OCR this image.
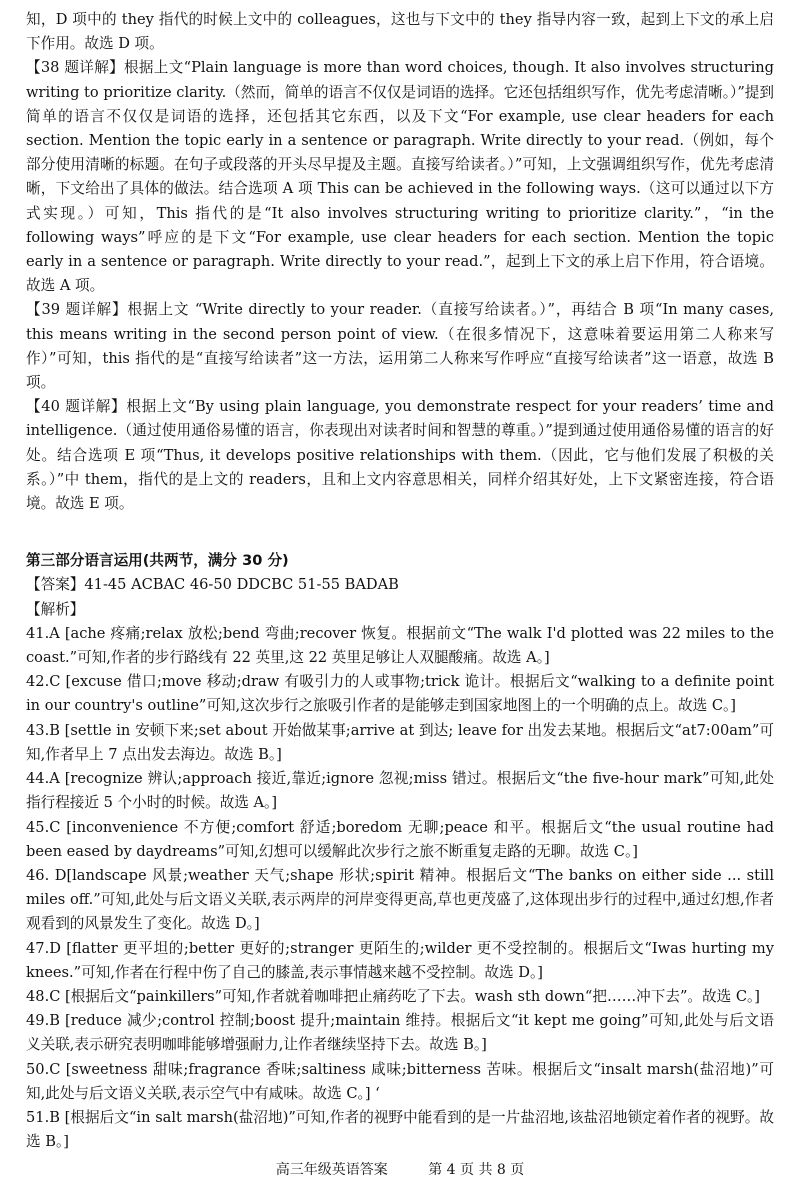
知，D 项中的 they 指代的时候上文中的 colleagues，这也与下文中的 they 指导内容一致，起到上下文的承上启下作用。故选 D 项。

【38 题详解】根据上文“Plain language is more than word choices, though. It also involves structuring writing to prioritize clarity.（然而，简单的语言不仅仅是词语的选择。它还包括组织写作，优先考虑清晰。）”提到简单的语言不仅仅是词语的选择，还包括其它东西，以及下文“For example, use clear headers for each section. Mention the topic early in a sentence or paragraph. Write directly to your read.（例如，每个部分使用清晰的标题。在句子或段落的开头尽早提及主题。直接写给读者。）”可知，上文强调组织写作，优先考虑清晰，下文给出了具体的做法。结合选项 A 项 This can be achieved in the following ways.（这可以通过以下方式实现。）可知，This 指代的是“It also involves structuring writing to prioritize clarity.”，“in the following ways”呼应的是下文“For example, use clear headers for each section. Mention the topic early in a sentence or paragraph. Write directly to your read.”，起到上下文的承上启下作用，符合语境。故选 A 项。

【39 题详解】根据上文 “Write directly to your reader.（直接写给读者。）”，再结合 B 项“In many cases, this means writing in the second person point of view.（在很多情况下，这意味着要运用第二人称来写作）”可知，this 指代的是“直接写给读者”这一方法，运用第二人称来写作呼应“直接写给读者”这一语意，故选 B 项。

【40 题详解】根据上文“By using plain language, you demonstrate respect for your readers’ time and intelligence.（通过使用通俗易懂的语言，你表现出对读者时间和智慧的尊重。）”提到通过使用通俗易懂的语言的好处。结合选项 E 项“Thus, it develops positive relationships with them.（因此，它与他们发展了积极的关系。）”中 them，指代的是上文的 readers，且和上文内容意思相关，同样介绍其好处，上下文紧密连接，符合语境。故选 E 项。

第三部分语言运用(共两节，满分 30 分)

【答案】41-45 ACBAC 46-50 DDCBC 51-55 BADAB

【解析】

41.A [ache 疼痛;relax 放松;bend 弯曲;recover 恢复。根据前文“The walk I'd plotted was 22 miles to the coast.”可知,作者的步行路线有 22 英里,这 22 英里足够让人双腿酸痛。故选 A。]

42.C [excuse 借口;move 移动;draw 有吸引力的人或事物;trick 诡计。根据后文“walking to a definite point in our country's outline”可知,这次步行之旅吸引作者的是能够走到国家地图上的一个明确的点上。故选 C。]

43.B [settle in 安顿下来;set about 开始做某事;arrive at 到达; leave for 出发去某地。根据后文“at7:00am”可知,作者早上 7 点出发去海边。故选 B。]

44.A [recognize 辨认;approach 接近,靠近;ignore 忽视;miss 错过。根据后文“the five-hour mark”可知,此处指行程接近 5 个小时的时候。故选 A。]

45.C [inconvenience 不方便;comfort 舒适;boredom 无聊;peace 和平。根据后文“the usual routine had been eased by daydreams”可知,幻想可以缓解此次步行之旅不断重复走路的无聊。故选 C。]

46. D[landscape 风景;weather 天气;shape 形状;spirit 精神。根据后文“The banks on either side ... still miles off.”可知,此处与后文语义关联,表示两岸的河岸变得更高,草也更茂盛了,这体现出步行的过程中,通过幻想,作者观看到的风景发生了变化。故选 D。]

47.D [flatter 更平坦的;better 更好的;stranger 更陌生的;wilder 更不受控制的。根据后文“Iwas hurting my knees.”可知,作者在行程中伤了自己的膝盖,表示事情越来越不受控制。故选 D。]

48.C [根据后文“painkillers”可知,作者就着咖啡把止痛药吃了下去。wash sth down“把……冲下去”。故选 C。]

49.B [reduce 减少;control 控制;boost 提升;maintain 维持。根据后文“it kept me going”可知,此处与后文语义关联,表示研究表明咖啡能够增强耐力,让作者继续坚持下去。故选 B。]

50.C [sweetness 甜味;fragrance 香味;saltiness 咸味;bitterness 苦味。根据后文“insalt marsh(盐沼地)”可知,此处与后文语义关联,表示空气中有咸味。故选 C。] ‘

51.B [根据后文“in salt marsh(盐沼地)”可知,作者的视野中能看到的是一片盐沼地,该盐沼地锁定着作者的视野。故选 B。]

高三年级英语答案	第 4 页 共 8 页
